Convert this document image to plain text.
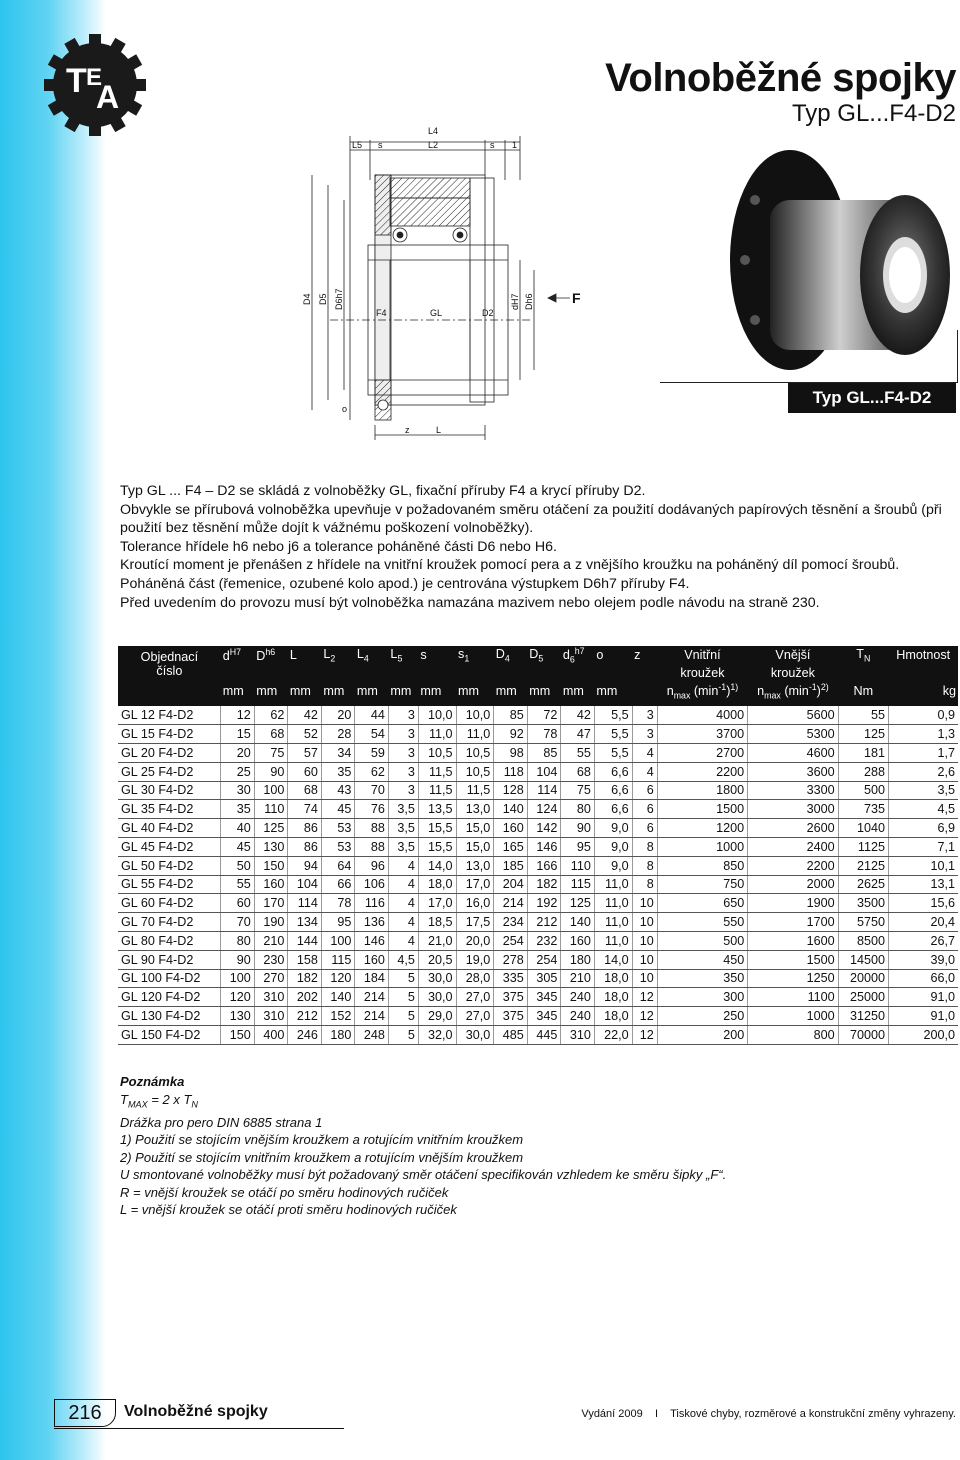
T E
A	Volnoběžné spojky
Typ GL...F4-D2
L5 s
L4
L2	s 1
D4 D5 D6h7	dH7 Dh6
F4	GL	D2
F
z	L
o
Typ GL...F4-D2

Typ GL ... F4 – D2 se skládá z volnoběžky GL, fixační příruby F4 a krycí příruby D2.

Obvykle se přírubová volnoběžka upevňuje v požadovaném směru otáčení za použití dodávaných papírových těsnění a šroubů (při použití bez těsnění může dojít k vážnému poškození volnoběžky).

Tolerance hřídele h6 nebo j6 a tolerance poháněné části D6 nebo H6.

Kroutící moment je přenášen z hřídele na vnitřní kroužek pomocí pera a z vnějšího kroužku na poháněný díl pomocí šroubů.

Poháněná část (řemenice, ozubené kolo apod.) je centrována výstupkem D6h7 příruby F4.

Před uvedením do provozu musí být volnoběžka namazána mazivem nebo olejem podle návodu na straně 230.

Objednací
číslo	$d^{H7}$	$D^{h6}$	L	$L_2$	$L_4$	$L_5$	s	$s_1$	$D_4$	$D_5$	$d_6^{h7}$	o	z	Vnitřní	Vnější	$T_N$	Hmotnost
														kroužek	kroužek		
	mm	mm	mm	mm	mm	mm	mm	mm	mm	mm	mm	mm		$n_{max}$ $(\min^{-1})^{1)}$	$n_{max}$ $(\min^{-1})^{2)}$	Nm	kg
GL 12 F4-D2	12	62	42	20	44	3	10,0	10,0	85	72	42	5,5	3	4000	5600	55	0,9
GL 15 F4-D2	15	68	52	28	54	3	11,0	11,0	92	78	47	5,5	3	3700	5300	125	1,3
GL 20 F4-D2	20	75	57	34	59	3	10,5	10,5	98	85	55	5,5	4	2700	4600	181	1,7
GL 25 F4-D2	25	90	60	35	62	3	11,5	10,5	118	104	68	6,6	4	2200	3600	288	2,6
GL 30 F4-D2	30	100	68	43	70	3	11,5	11,5	128	114	75	6,6	6	1800	3300	500	3,5
GL 35 F4-D2	35	110	74	45	76	3,5	13,5	13,0	140	124	80	6,6	6	1500	3000	735	4,5
GL 40 F4-D2	40	125	86	53	88	3,5	15,5	15,0	160	142	90	9,0	6	1200	2600	1040	6,9
GL 45 F4-D2	45	130	86	53	88	3,5	15,5	15,0	165	146	95	9,0	8	1000	2400	1125	7,1
GL 50 F4-D2	50	150	94	64	96	4	14,0	13,0	185	166	110	9,0	8	850	2200	2125	10,1
GL 55 F4-D2	55	160	104	66	106	4	18,0	17,0	204	182	115	11,0	8	750	2000	2625	13,1
GL 60 F4-D2	60	170	114	78	116	4	17,0	16,0	214	192	125	11,0	10	650	1900	3500	15,6
GL 70 F4-D2	70	190	134	95	136	4	18,5	17,5	234	212	140	11,0	10	550	1700	5750	20,4
GL 80 F4-D2	80	210	144	100	146	4	21,0	20,0	254	232	160	11,0	10	500	1600	8500	26,7
GL 90 F4-D2	90	230	158	115	160	4,5	20,5	19,0	278	254	180	14,0	10	450	1500	14500	39,0
GL 100 F4-D2	100	270	182	120	184	5	30,0	28,0	335	305	210	18,0	10	350	1250	20000	66,0
GL 120 F4-D2	120	310	202	140	214	5	30,0	27,0	375	345	240	18,0	12	300	1100	25000	91,0
GL 130 F4-D2	130	310	212	152	214	5	29,0	27,0	375	345	240	18,0	12	250	1000	31250	91,0
GL 150 F4-D2	150	400	246	180	248	5	32,0	30,0	485	445	310	22,0	12	200	800	70000	200,0

Poznámka

$T_{MAX} = 2$ x $T_N$

Drážka pro pero DIN 6885 strana 1

1) Použití se stojícím vnějším kroužkem a rotujícím vnitřním kroužkem

2) Použití se stojícím vnitřním kroužkem a rotujícím vnějším kroužkem

U smontované volnoběžky musí být požadovaný směr otáčení specifikován vzhledem ke směru šipky „F“.

R = vnější kroužek se otáčí po směru hodinových ručiček

L = vnější kroužek se otáčí proti směru hodinových ručiček

216	Volnoběžné spojky	Vydání 2009 I Tiskové chyby, rozměrové a konstrukční změny vyhrazeny.
